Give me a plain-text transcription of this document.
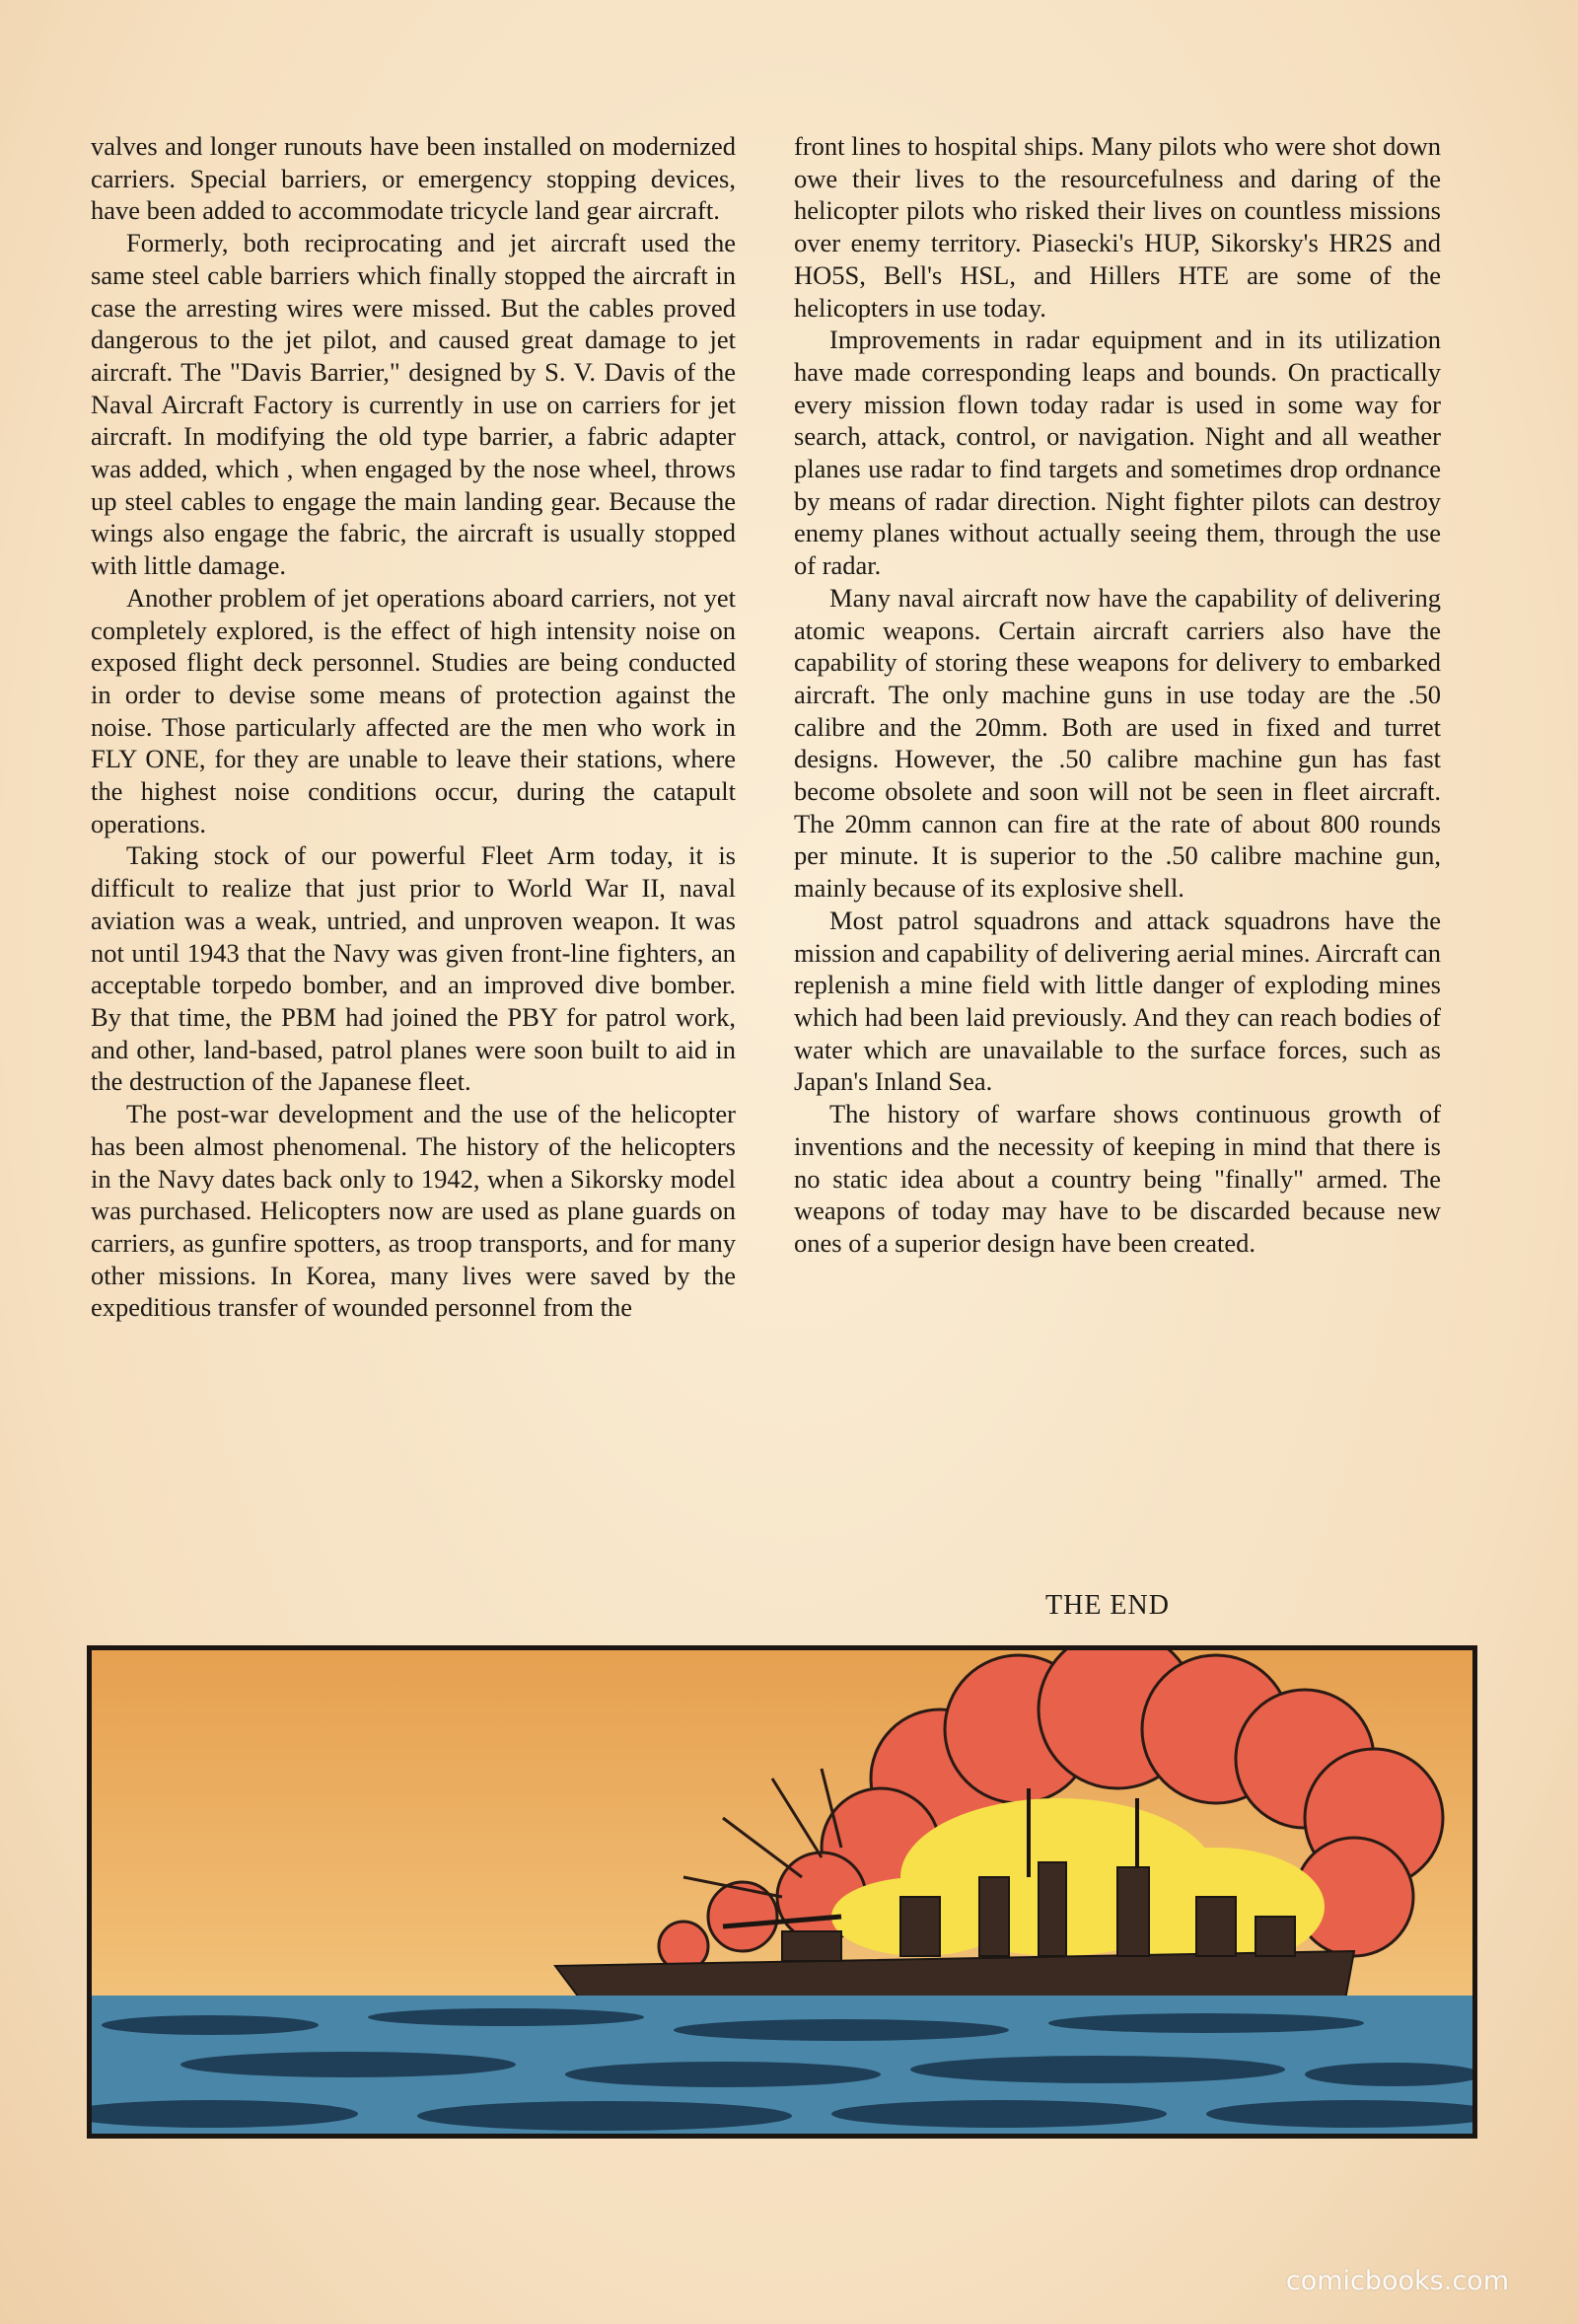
valves and longer runouts have been installed on modernized carriers. Special barriers, or emergency stopping devices, have been added to accommodate tricycle land gear aircraft.

Formerly, both reciprocating and jet aircraft used the same steel cable barriers which finally stopped the aircraft in case the arresting wires were missed. But the cables proved dangerous to the jet pilot, and caused great damage to jet aircraft. The "Davis Barrier," designed by S. V. Davis of the Naval Aircraft Factory is currently in use on carriers for jet aircraft. In modifying the old type barrier, a fabric adapter was added, which , when engaged by the nose wheel, throws up steel cables to engage the main landing gear. Because the wings also engage the fabric, the aircraft is usually stopped with little damage.

Another problem of jet operations aboard carriers, not yet completely explored, is the effect of high intensity noise on exposed flight deck personnel. Studies are being conducted in order to devise some means of protection against the noise. Those particularly affected are the men who work in FLY ONE, for they are unable to leave their stations, where the highest noise conditions occur, during the catapult operations.

Taking stock of our powerful Fleet Arm today, it is difficult to realize that just prior to World War II, naval aviation was a weak, untried, and unproven weapon. It was not until 1943 that the Navy was given front-line fighters, an acceptable torpedo bomber, and an improved dive bomber. By that time, the PBM had joined the PBY for patrol work, and other, land-based, patrol planes were soon built to aid in the destruction of the Japanese fleet.

The post-war development and the use of the helicopter has been almost phenomenal. The history of the helicopters in the Navy dates back only to 1942, when a Sikorsky model was purchased. Helicopters now are used as plane guards on carriers, as gunfire spotters, as troop transports, and for many other missions. In Korea, many lives were saved by the expeditious transfer of wounded personnel from the

front lines to hospital ships. Many pilots who were shot down owe their lives to the resourcefulness and daring of the helicopter pilots who risked their lives on countless missions over enemy territory. Piasecki's HUP, Sikorsky's HR2S and HO5S, Bell's HSL, and Hillers HTE are some of the helicopters in use today.

Improvements in radar equipment and in its utilization have made corresponding leaps and bounds. On practically every mission flown today radar is used in some way for search, attack, control, or navigation. Night and all weather planes use radar to find targets and sometimes drop ordnance by means of radar direction. Night fighter pilots can destroy enemy planes without actually seeing them, through the use of radar.

Many naval aircraft now have the capability of delivering atomic weapons. Certain aircraft carriers also have the capability of storing these weapons for delivery to embarked aircraft. The only machine guns in use today are the .50 calibre and the 20mm. Both are used in fixed and turret designs. However, the .50 calibre machine gun has fast become obsolete and soon will not be seen in fleet aircraft. The 20mm cannon can fire at the rate of about 800 rounds per minute. It is superior to the .50 calibre machine gun, mainly because of its explosive shell.

Most patrol squadrons and attack squadrons have the mission and capability of delivering aerial mines. Aircraft can replenish a mine field with little danger of exploding mines which had been laid previously. And they can reach bodies of water which are unavailable to the surface forces, such as Japan's Inland Sea.

The history of warfare shows continuous growth of inventions and the necessity of keeping in mind that there is no static idea about a country being "finally" armed. The weapons of today may have to be discarded because new ones of a superior design have been created.

THE END
comicbooks.com
